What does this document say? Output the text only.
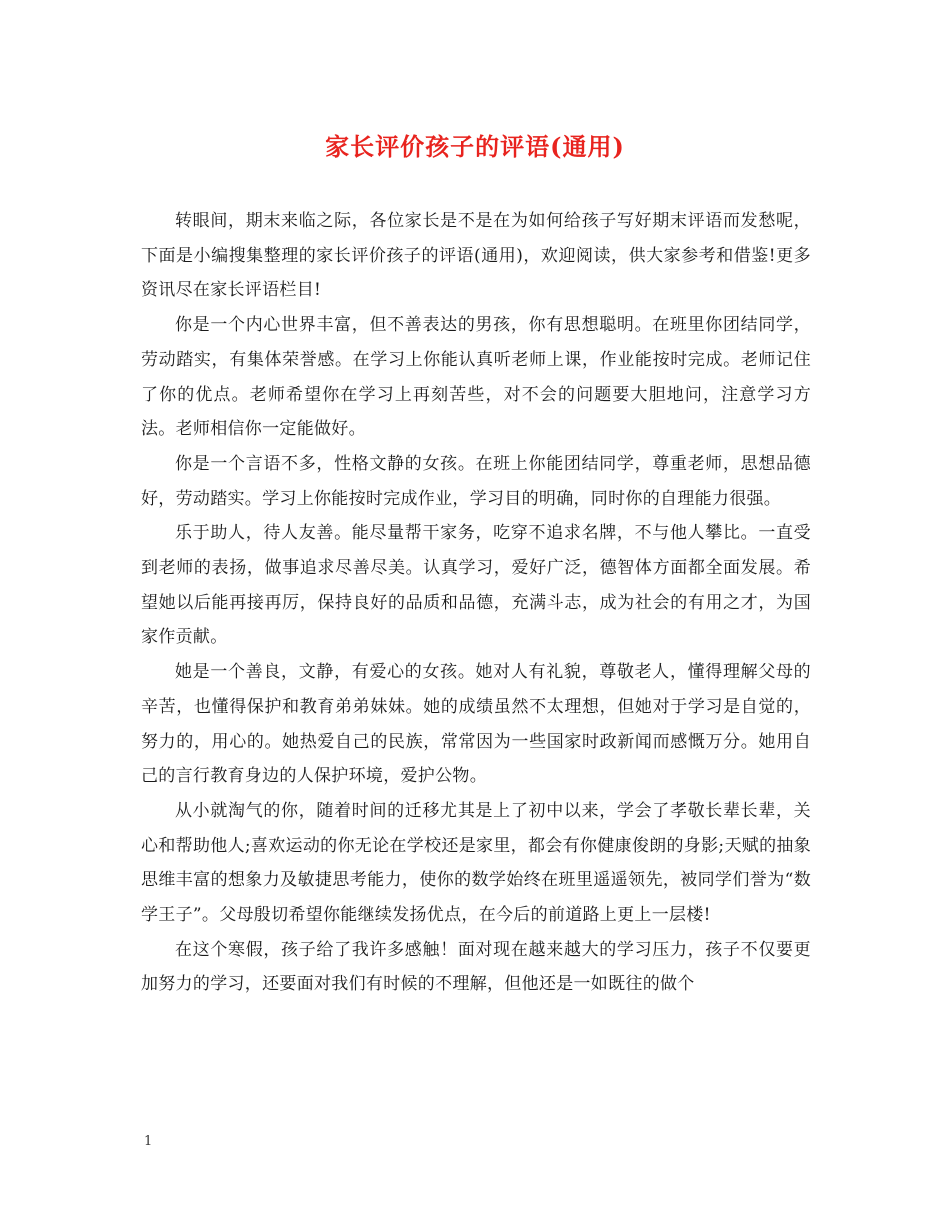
家长评价孩子的评语(通用)

转眼间，期末来临之际，各位家长是不是在为如何给孩子写好期末评语而发愁呢，下面是小编搜集整理的家长评价孩子的评语(通用)，欢迎阅读，供大家参考和借鉴!更多资讯尽在家长评语栏目!

你是一个内心世界丰富，但不善表达的男孩，你有思想聪明。在班里你团结同学，劳动踏实，有集体荣誉感。在学习上你能认真听老师上课，作业能按时完成。老师记住了你的优点。老师希望你在学习上再刻苦些，对不会的问题要大胆地问，注意学习方法。老师相信你一定能做好。

你是一个言语不多，性格文静的女孩。在班上你能团结同学，尊重老师，思想品德好，劳动踏实。学习上你能按时完成作业，学习目的明确，同时你的自理能力很强。

乐于助人，待人友善。能尽量帮干家务，吃穿不追求名牌，不与他人攀比。一直受到老师的表扬，做事追求尽善尽美。认真学习，爱好广泛，德智体方面都全面发展。希望她以后能再接再厉，保持良好的品质和品德，充满斗志，成为社会的有用之才，为国家作贡献。

她是一个善良，文静，有爱心的女孩。她对人有礼貌，尊敬老人，懂得理解父母的辛苦，也懂得保护和教育弟弟妹妹。她的成绩虽然不太理想，但她对于学习是自觉的，努力的，用心的。她热爱自己的民族，常常因为一些国家时政新闻而感慨万分。她用自己的言行教育身边的人保护环境，爱护公物。

从小就淘气的你，随着时间的迁移尤其是上了初中以来，学会了孝敬长辈长辈，关心和帮助他人;喜欢运动的你无论在学校还是家里，都会有你健康俊朗的身影;天赋的抽象思维丰富的想象力及敏捷思考能力，使你的数学始终在班里遥遥领先，被同学们誉为“数学王子”。父母殷切希望你能继续发扬优点，在今后的前道路上更上一层楼!

在这个寒假，孩子给了我许多感触！面对现在越来越大的学习压力，孩子不仅要更加努力的学习，还要面对我们有时候的不理解，但他还是一如既往的做个

1
